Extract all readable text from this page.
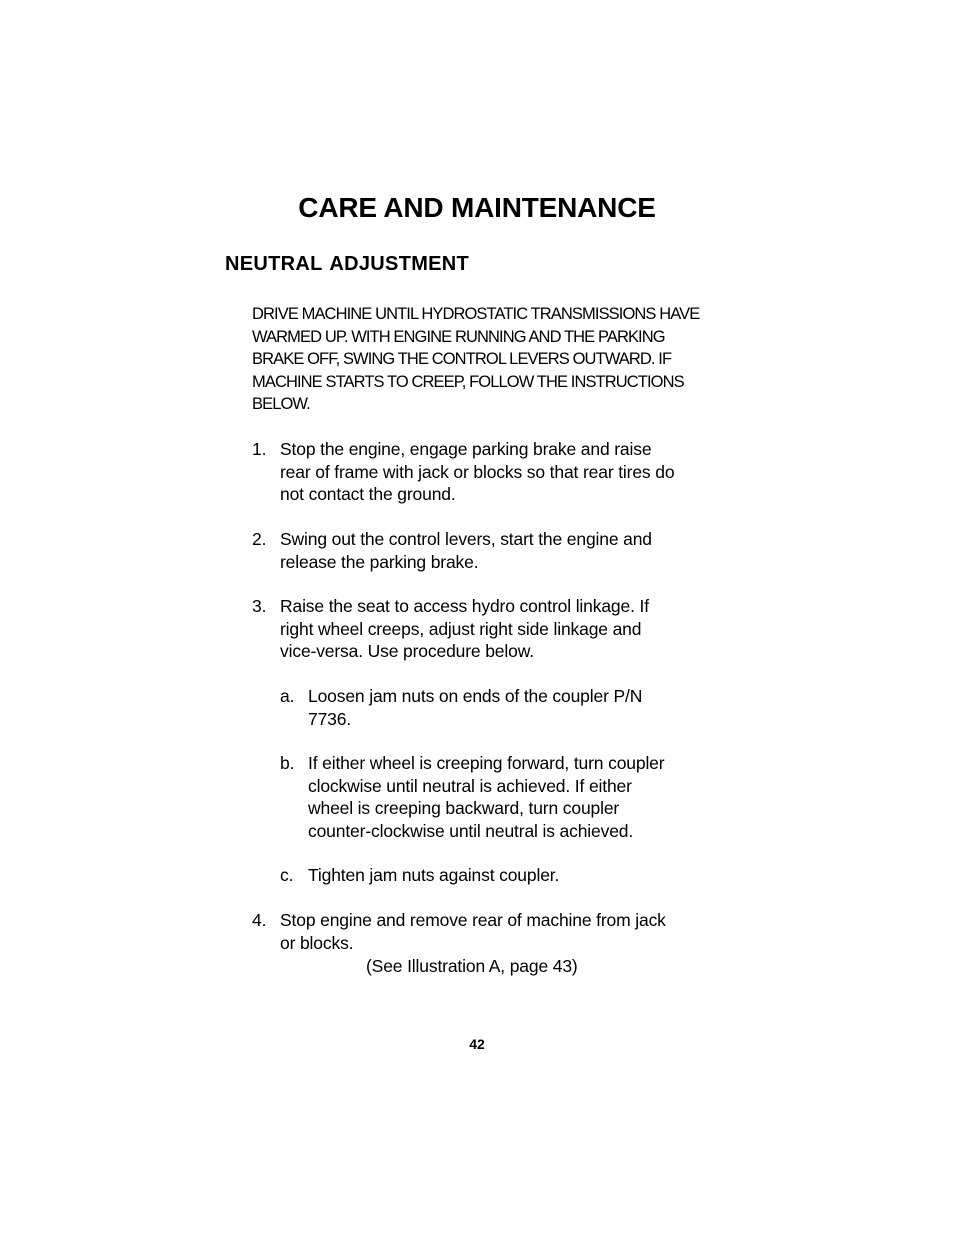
CARE AND MAINTENANCE
NEUTRAL ADJUSTMENT

DRIVE MACHINE UNTIL HYDROSTATIC TRANSMISSIONS HAVE
WARMED UP. WITH ENGINE RUNNING AND THE PARKING
BRAKE OFF, SWING THE CONTROL LEVERS OUTWARD. IF
MACHINE STARTS TO CREEP, FOLLOW THE INSTRUCTIONS
BELOW.

1. Stop the engine, engage parking brake and raise
rear of frame with jack or blocks so that rear tires do
not contact the ground.
2. Swing out the control levers, start the engine and
release the parking brake.
3. Raise the seat to access hydro control linkage. If
right wheel creeps, adjust right side linkage and
vice-versa. Use procedure below.
a. Loosen jam nuts on ends of the coupler P/N
7736.
b. If either wheel is creeping forward, turn coupler
clockwise until neutral is achieved. If either
wheel is creeping backward, turn coupler
counter-clockwise until neutral is achieved.
c. Tighten jam nuts against coupler.
4. Stop engine and remove rear of machine from jack
or blocks.

(See Illustration A, page 43)

42
